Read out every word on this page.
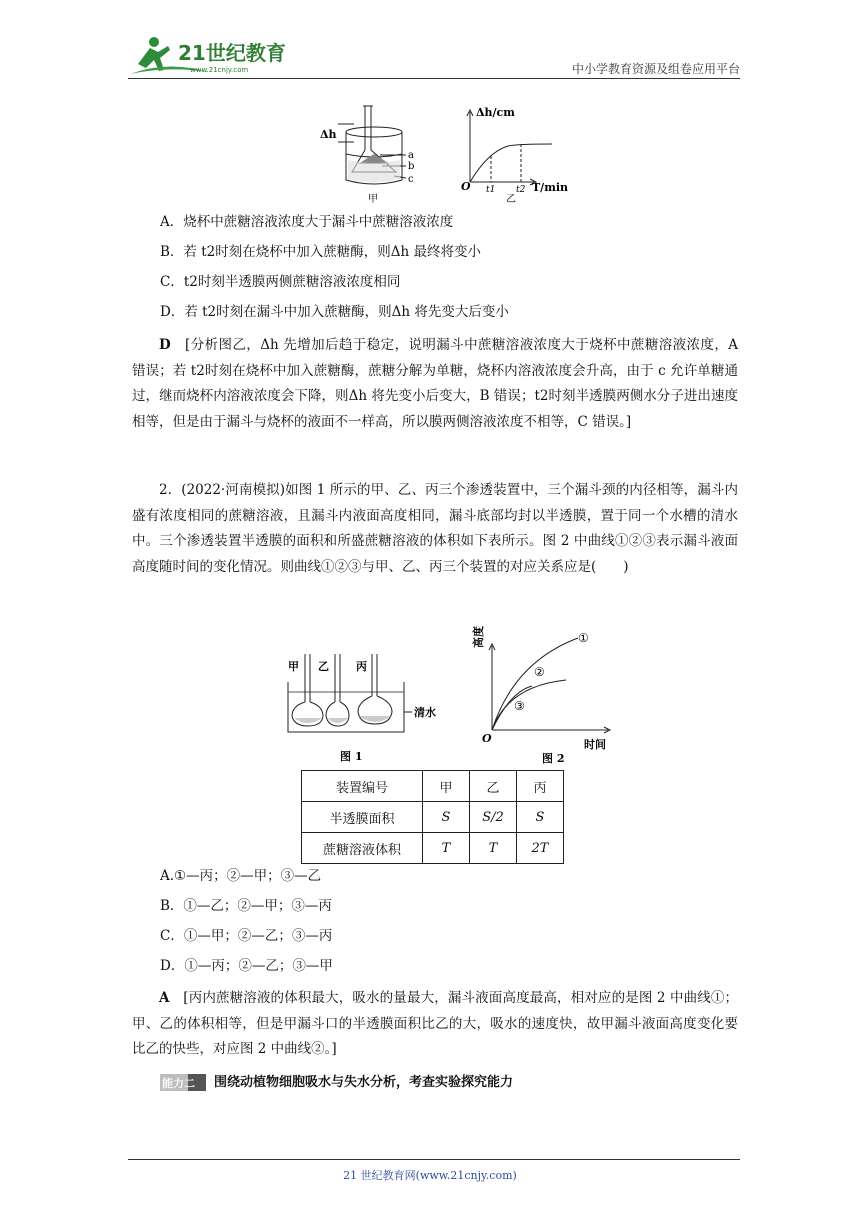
21世纪教育
www.21cnjy.com	中小学教育资源及组卷应用平台
Δh
a
b
c
甲
Δh/cm
O t1 t2 T/min
乙

A．烧杯中蔗糖溶液浓度大于漏斗中蔗糖溶液浓度

B．若 t2时刻在烧杯中加入蔗糖酶，则Δh 最终将变小

C．t2时刻半透膜两侧蔗糖溶液浓度相同

D．若 t2时刻在漏斗中加入蔗糖酶，则Δh 将先变大后变小

D　 [分析图乙，Δh 先增加后趋于稳定，说明漏斗中蔗糖溶液浓度大于烧杯中蔗糖溶液浓度，A 错误；若 t2时刻在烧杯中加入蔗糖酶，蔗糖分解为单糖，烧杯内溶液浓度会升高，由于 c 允许单糖通过，继而烧杯内溶液浓度会下降，则Δh 将先变小后变大，B 错误；t2时刻半透膜两侧水分子进出速度相等，但是由于漏斗与烧杯的液面不一样高，所以膜两侧溶液浓度不相等，C 错误。]

2．(2022·河南模拟)如图 1 所示的甲、乙、丙三个渗透装置中，三个漏斗颈的内径相等，漏斗内盛有浓度相同的蔗糖溶液，且漏斗内液面高度相同，漏斗底部均封以半透膜，置于同一个水槽的清水中。三个渗透装置半透膜的面积和所盛蔗糖溶液的体积如下表所示。图 2 中曲线①②③表示漏斗液面高度随时间的变化情况。则曲线①②③与甲、乙、丙三个装置的对应关系应是(　　)

甲 乙 丙
清水
图 1
高度
O	时间
①
②
③
图 2
装置编号	甲	乙	丙
半透膜面积	S	S/2	S
蔗糖溶液体积	T	T	2T

A.①—丙；②—甲；③—乙

B．①—乙；②—甲；③—丙

C．①—甲；②—乙；③—丙

D．①—丙；②—乙；③—甲

A　 [丙内蔗糖溶液的体积最大，吸水的量最大，漏斗液面高度最高，相对应的是图 2 中曲线①；甲、乙的体积相等，但是甲漏斗口的半透膜面积比乙的大，吸水的速度快，故甲漏斗液面高度变化要比乙的快些，对应图 2 中曲线②。]

能力二 围绕动植物细胞吸水与失水分析，考查实验探究能力

21 世纪教育网(www.21cnjy.com)
